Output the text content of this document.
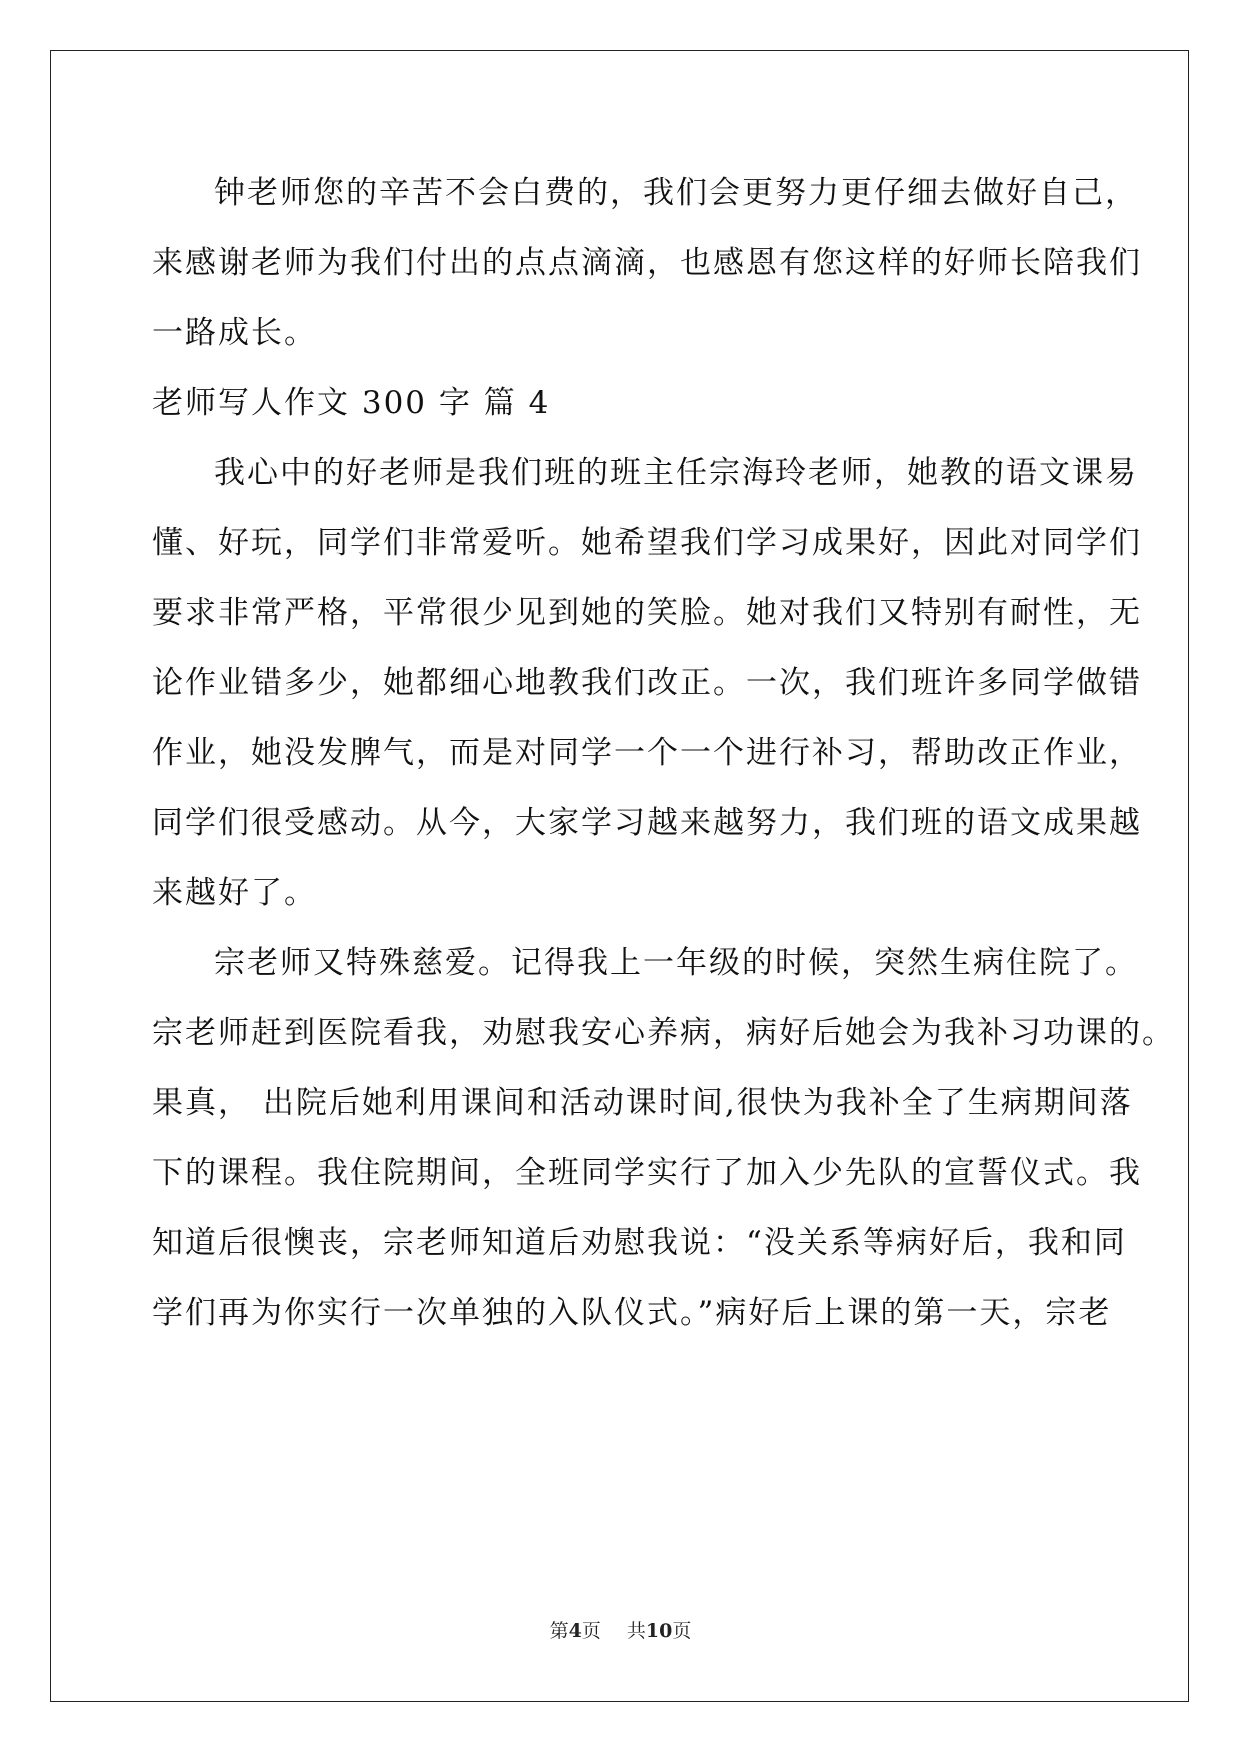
钟老师您的辛苦不会白费的，我们会更努力更仔细去做好自己，

来感谢老师为我们付出的点点滴滴，也感恩有您这样的好师长陪我们

一路成长。

老师写人作文 300 字 篇 4

我心中的好老师是我们班的班主任宗海玲老师，她教的语文课易

懂、好玩，同学们非常爱听。她希望我们学习成果好，因此对同学们

要求非常严格，平常很少见到她的笑脸。她对我们又特别有耐性，无

论作业错多少，她都细心地教我们改正。一次，我们班许多同学做错

作业，她没发脾气，而是对同学一个一个进行补习，帮助改正作业，

同学们很受感动。从今，大家学习越来越努力，我们班的语文成果越

来越好了。

宗老师又特殊慈爱。记得我上一年级的时候，突然生病住院了。

宗老师赶到医院看我，劝慰我安心养病，病好后她会为我补习功课的。

果真， 出院后她利用课间和活动课时间,很快为我补全了生病期间落

下的课程。我住院期间，全班同学实行了加入少先队的宣誓仪式。我

知道后很懊丧，宗老师知道后劝慰我说：“没关系等病好后，我和同

学们再为你实行一次单独的入队仪式。”病好后上课的第一天，宗老

第4页 共10页
